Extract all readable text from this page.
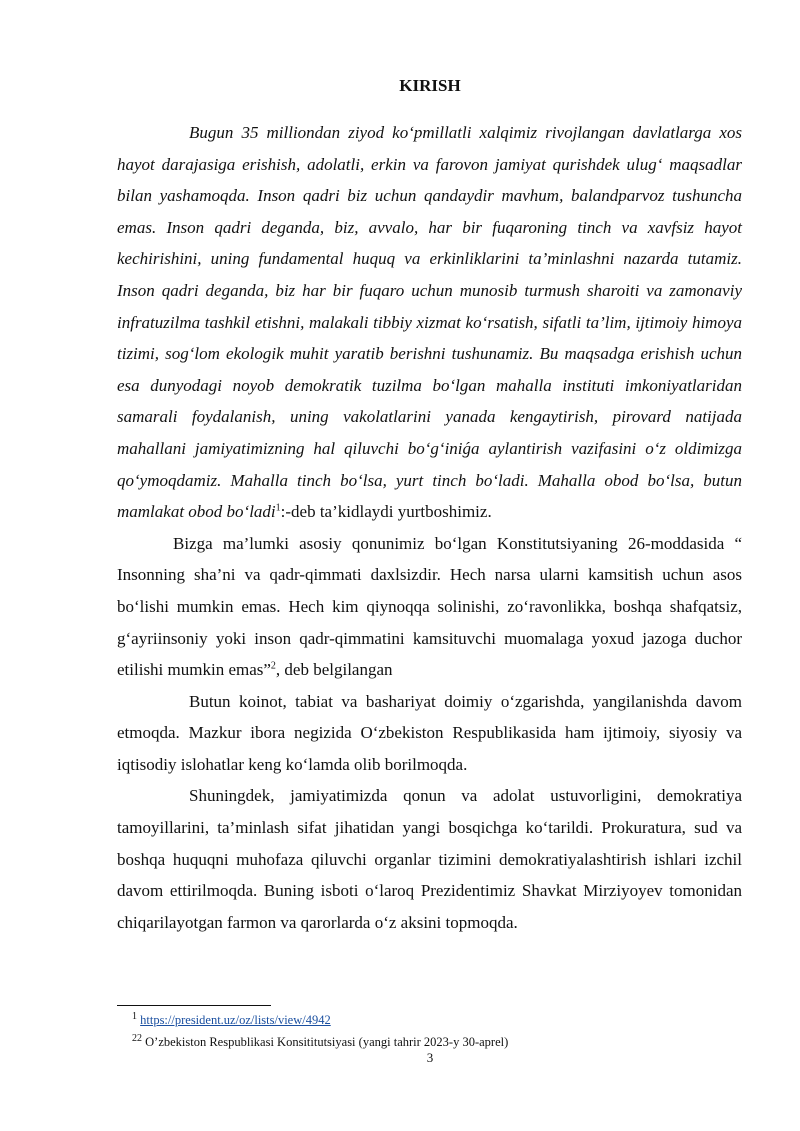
KIRISH

Bugun 35 milliondan ziyod ko‘pmillatli xalqimiz rivojlangan davlatlarga xos hayot darajasiga erishish, adolatli, erkin va farovon jamiyat qurishdek ulug‘ maqsadlar bilan yashamoqda. Inson qadri biz uchun qandaydir mavhum, balandparvoz tushuncha emas. Inson qadri deganda, biz, avvalo, har bir fuqaroning tinch va xavfsiz hayot kechirishini, uning fundamental huquq va erkinliklarini ta’minlashni nazarda tutamiz. Inson qadri deganda, biz har bir fuqaro uchun munosib turmush sharoiti va zamonaviy infratuzilma tashkil etishni, malakali tibbiy xizmat ko‘rsatish, sifatli ta’lim, ijtimoiy himoya tizimi, sog‘lom ekologik muhit yaratib berishni tushunamiz. Bu maqsadga erishish uchun esa dunyodagi noyob demokratik tuzilma bo‘lgan mahalla instituti imkoniyatlaridan samarali foydalanish, uning vakolatlarini yanada kengaytirish, pirovard natijada mahallani jamiyatimizning hal qiluvchi bo‘g‘iniǵa aylantirish vazifasini o‘z oldimizga qo‘ymoqdamiz. Mahalla tinch bo‘lsa, yurt tinch bo‘ladi. Mahalla obod bo‘lsa, butun mamlakat obod bo‘ladi$^1$:-deb ta’kidlaydi yurtboshimiz.

Bizga ma’lumki asosiy qonunimiz bo‘lgan Konstitutsiyaning 26-moddasida “ Insonning sha’ni va qadr-qimmati daxlsizdir. Hech narsa ularni kamsitish uchun asos bo‘lishi mumkin emas. Hech kim qiynoqqa solinishi, zo‘ravonlikka, boshqa shafqatsiz, g‘ayriinsoniy yoki inson qadr-qimmatini kamsituvchi muomalaga yoxud jazoga duchor etilishi mumkin emas”$^2$, deb belgilangan

Butun koinot, tabiat va bashariyat doimiy o‘zgarishda, yangilanishda davom etmoqda. Mazkur ibora negizida O‘zbekiston Respublikasida ham ijtimoiy, siyosiy va iqtisodiy islohatlar keng ko‘lamda olib borilmoqda.

Shuningdek, jamiyatimizda qonun va adolat ustuvorligini, demokratiya tamoyillarini, ta’minlash sifat jihatidan yangi bosqichga ko‘tarildi. Prokuratura, sud va boshqa huquqni muhofaza qiluvchi organlar tizimini demokratiyalashtirish ishlari izchil davom ettirilmoqda. Buning isboti o‘laroq Prezidentimiz Shavkat Mirziyoyev tomonidan chiqarilayotgan farmon va qarorlarda o‘z aksini topmoqda.

$^1$ https://president.uz/oz/lists/view/4942
$^{22}$ O’zbekiston Respublikasi Konsititutsiyasi (yangi tahrir 2023-y 30-aprel)
3
